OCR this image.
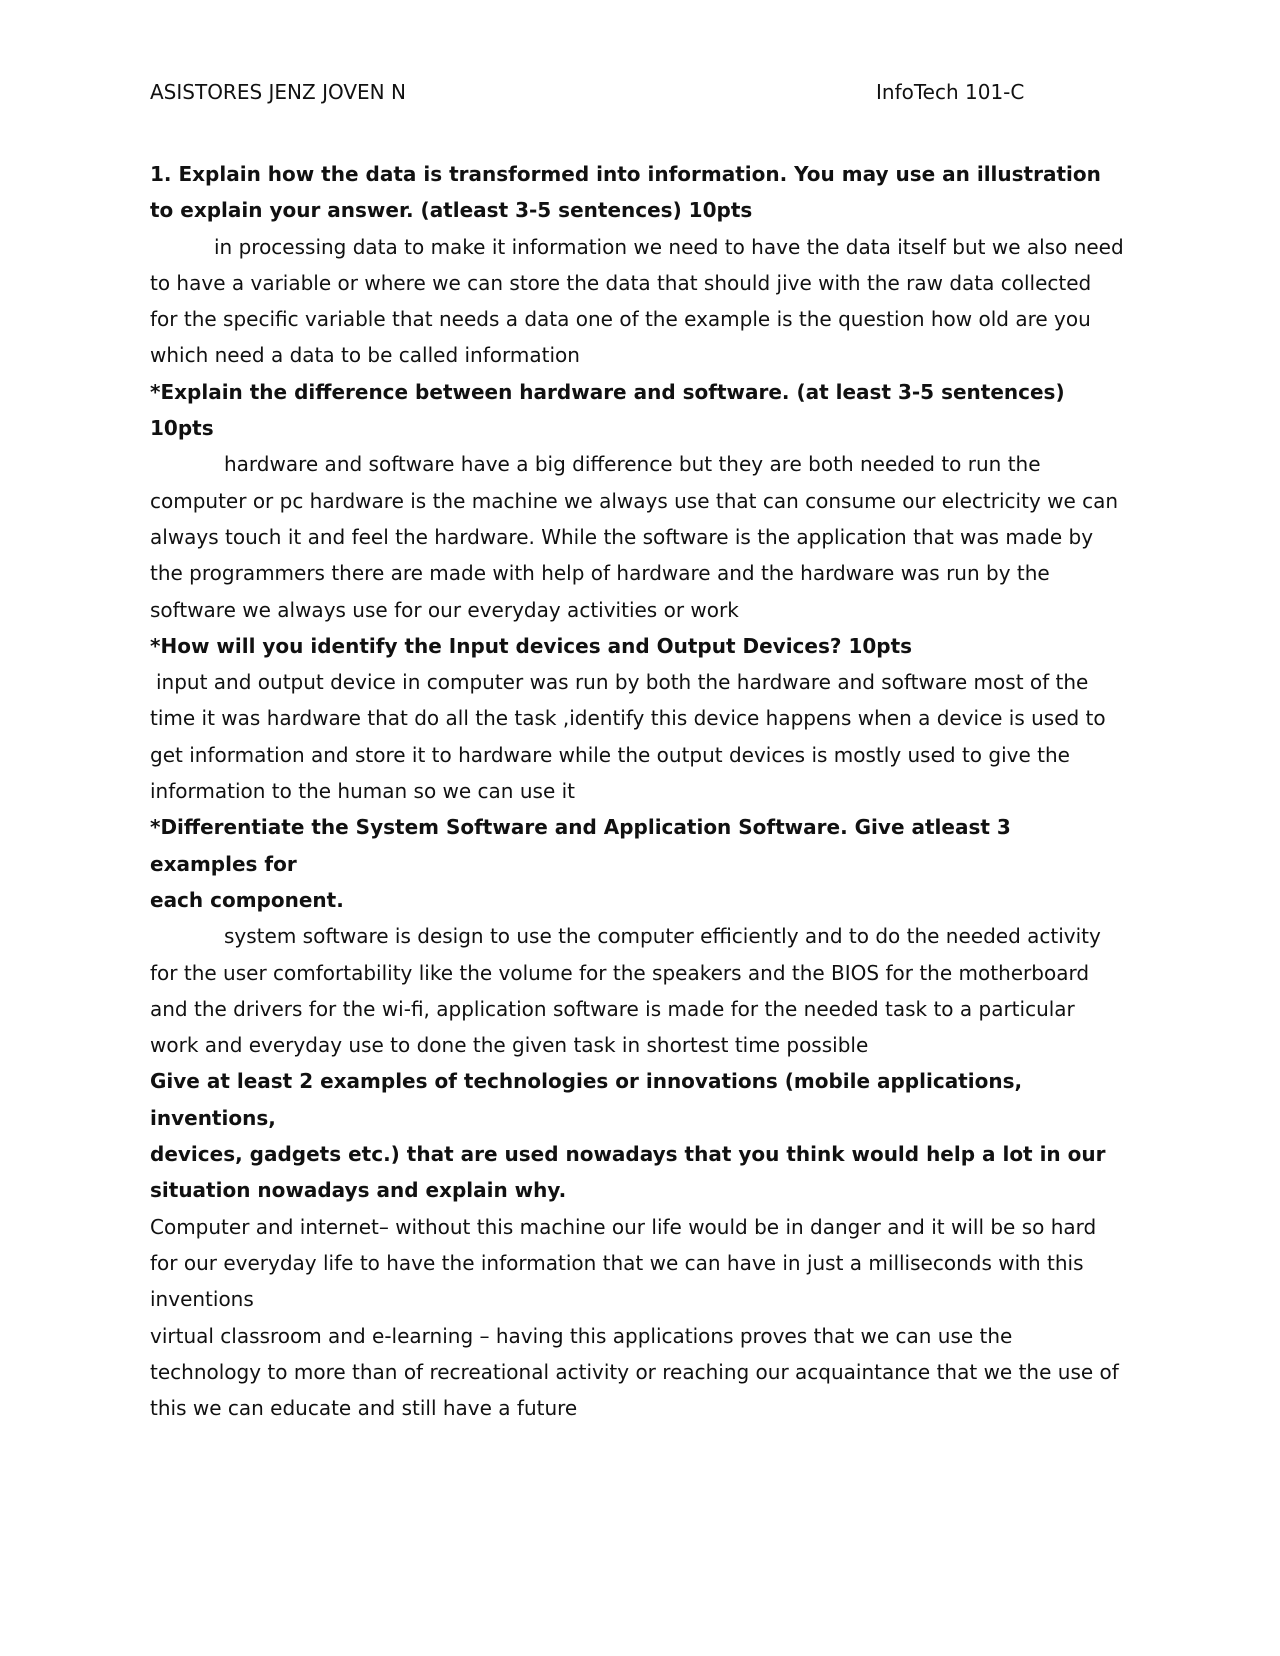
ASISTORES JENZ JOVEN N	InfoTech 101-C

1. Explain how the data is transformed into information. You may use an illustration to explain your answer. (atleast 3-5 sentences) 10pts

in processing data to make it information we need to have the data itself but we also need to have a variable or where we can store the data that should jive with the raw data collected for the specific variable that needs a data one of the example is the question how old are you which need a data to be called information

*Explain the difference between hardware and software. (at least 3-5 sentences) 10pts

hardware and software have a big difference but they are both needed to run the computer or pc hardware is the machine we always use that can consume our electricity we can always touch it and feel the hardware. While the software is the application that was made by the programmers there are made with help of hardware and the hardware was run by the software we always use for our everyday activities or work

*How will you identify the Input devices and Output Devices? 10pts

input and output device in computer was run by both the hardware and software most of the time it was hardware that do all the task ,identify this device happens when a device is used to get information and store it to hardware while the output devices is mostly used to give the information to the human so we can use it

*Differentiate the System Software and Application Software. Give atleast 3 examples for

each component.

system software is design to use the computer efficiently and to do the needed activity for the user comfortability like the volume for the speakers and the BIOS for the motherboard and the drivers for the wi-fi, application software is made for the needed task to a particular work and everyday use to done the given task in shortest time possible

Give at least 2 examples of technologies or innovations (mobile applications, inventions,

devices, gadgets etc.) that are used nowadays that you think would help a lot in our

situation nowadays and explain why.

Computer and internet– without this machine our life would be in danger and it will be so hard for our everyday life to have the information that we can have in just a milliseconds with this inventions

virtual classroom and e-learning – having this applications proves that we can use the technology to more than of recreational activity or reaching our acquaintance that we the use of this we can educate and still have a future
